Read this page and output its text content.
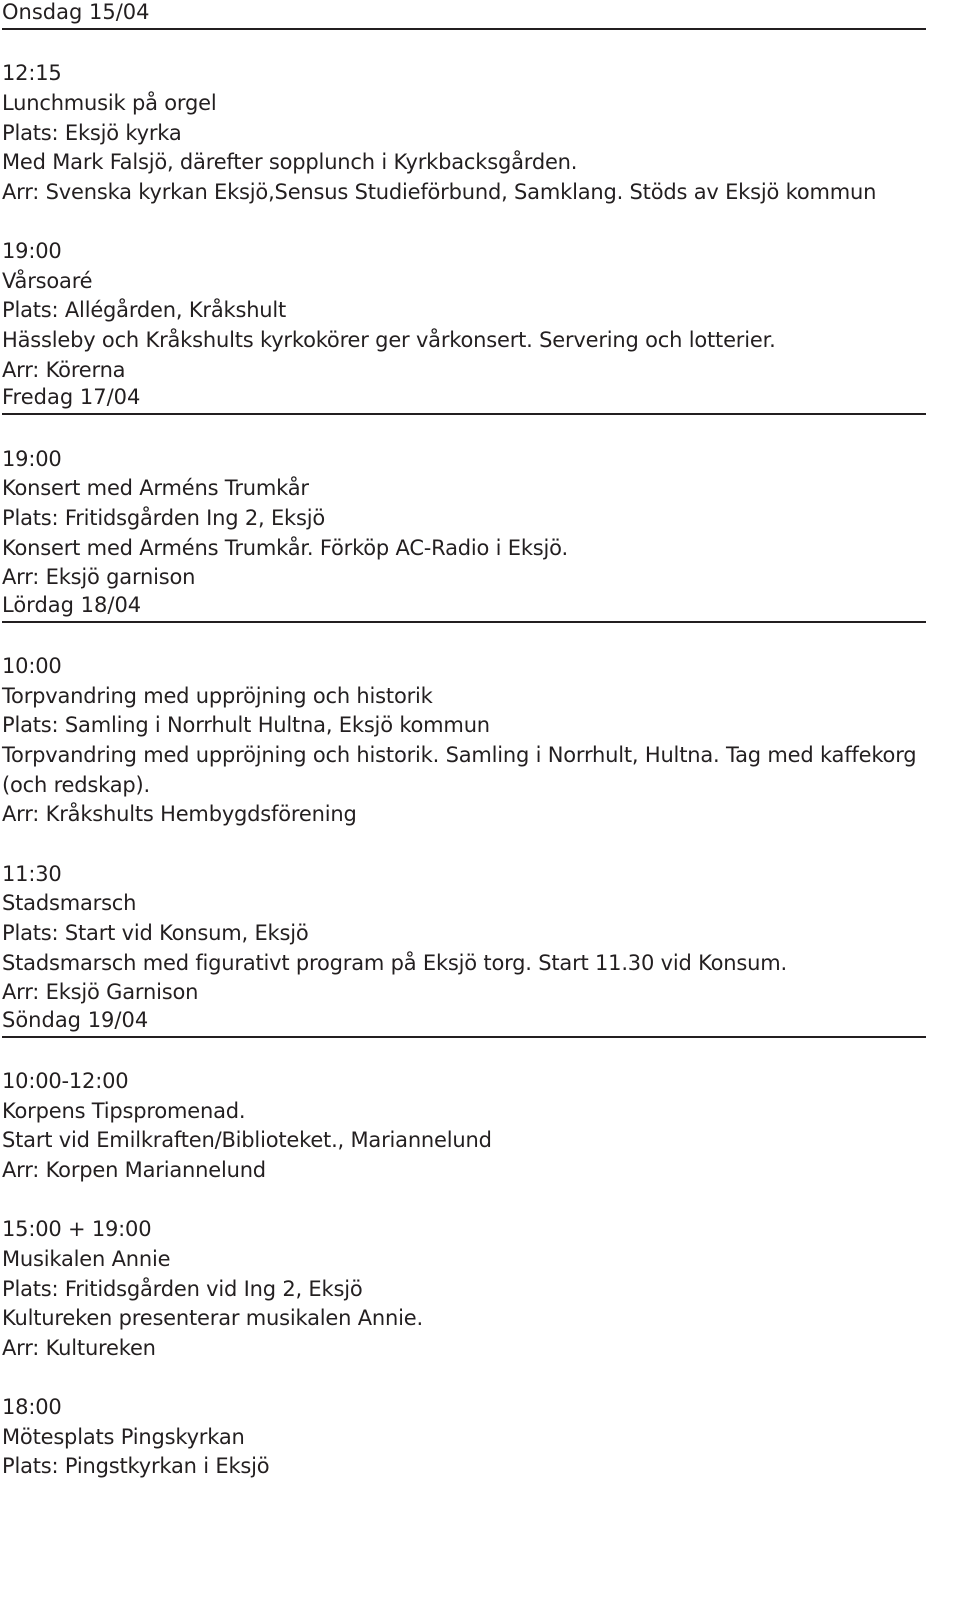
Onsdag 15/04
12:15
Lunchmusik på orgel
Plats: Eksjö kyrka
Med Mark Falsjö, därefter sopplunch i Kyrkbacksgården.
Arr: Svenska kyrkan Eksjö,Sensus Studieförbund, Samklang. Stöds av Eksjö kommun
19:00
Vårsoaré
Plats: Allégården, Kråkshult
Hässleby och Kråkshults kyrkokörer ger vårkonsert. Servering och lotterier.
Arr: Körerna
Fredag 17/04
19:00
Konsert med Arméns Trumkår
Plats: Fritidsgården Ing 2, Eksjö
Konsert med Arméns Trumkår. Förköp AC-Radio i Eksjö.
Arr: Eksjö garnison
Lördag 18/04
10:00
Torpvandring med uppröjning och historik
Plats: Samling i Norrhult Hultna, Eksjö kommun
Torpvandring med uppröjning och historik. Samling i Norrhult, Hultna. Tag med kaffekorg
(och redskap).
Arr: Kråkshults Hembygdsförening
11:30
Stadsmarsch
Plats: Start vid Konsum, Eksjö
Stadsmarsch med figurativt program på Eksjö torg. Start 11.30 vid Konsum.
Arr: Eksjö Garnison
Söndag 19/04
10:00-12:00
Korpens Tipspromenad.
Start vid Emilkraften/Biblioteket., Mariannelund
Arr: Korpen Mariannelund
15:00 + 19:00
Musikalen Annie
Plats: Fritidsgården vid Ing 2, Eksjö
Kultureken presenterar musikalen Annie.
Arr: Kultureken
18:00
Mötesplats Pingskyrkan
Plats: Pingstkyrkan i Eksjö
